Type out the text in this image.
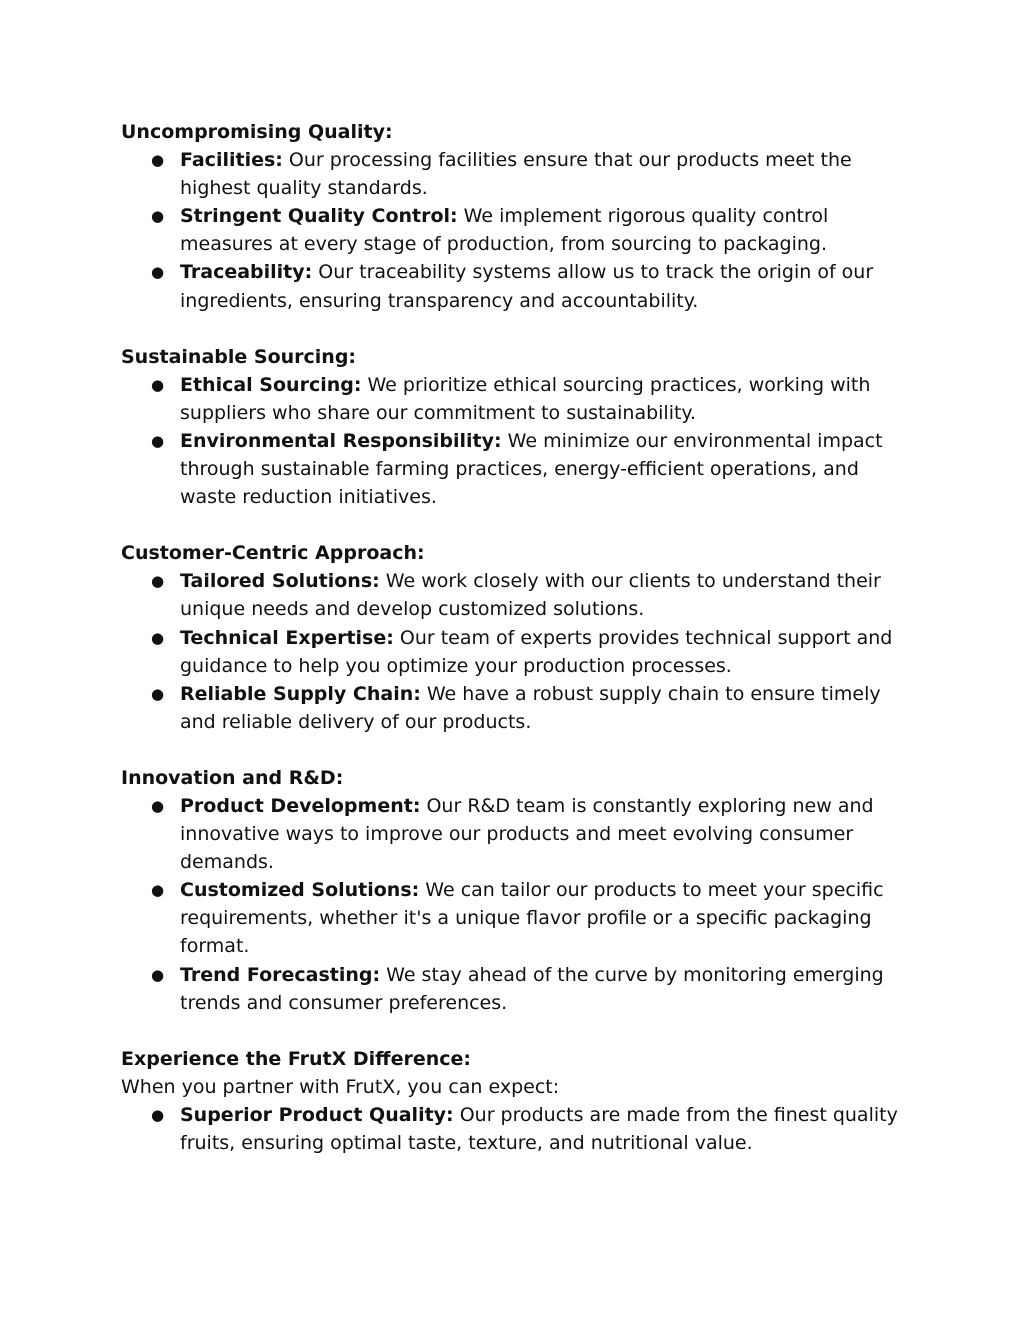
Uncompromising Quality:

● Facilities: Our processing facilities ensure that our products meet the highest quality standards.
● Stringent Quality Control: We implement rigorous quality control measures at every stage of production, from sourcing to packaging.
● Traceability: Our traceability systems allow us to track the origin of our ingredients, ensuring transparency and accountability.

Sustainable Sourcing:

● Ethical Sourcing: We prioritize ethical sourcing practices, working with suppliers who share our commitment to sustainability.
● Environmental Responsibility: We minimize our environmental impact through sustainable farming practices, energy-efficient operations, and waste reduction initiatives.

Customer-Centric Approach:

● Tailored Solutions: We work closely with our clients to understand their unique needs and develop customized solutions.
● Technical Expertise: Our team of experts provides technical support and guidance to help you optimize your production processes.
● Reliable Supply Chain: We have a robust supply chain to ensure timely and reliable delivery of our products.

Innovation and R&D:

● Product Development: Our R&D team is constantly exploring new and innovative ways to improve our products and meet evolving consumer demands.
● Customized Solutions: We can tailor our products to meet your specific requirements, whether it's a unique flavor profile or a specific packaging format.
● Trend Forecasting: We stay ahead of the curve by monitoring emerging trends and consumer preferences.

Experience the FrutX Difference:

When you partner with FrutX, you can expect:

● Superior Product Quality: Our products are made from the finest quality fruits, ensuring optimal taste, texture, and nutritional value.
